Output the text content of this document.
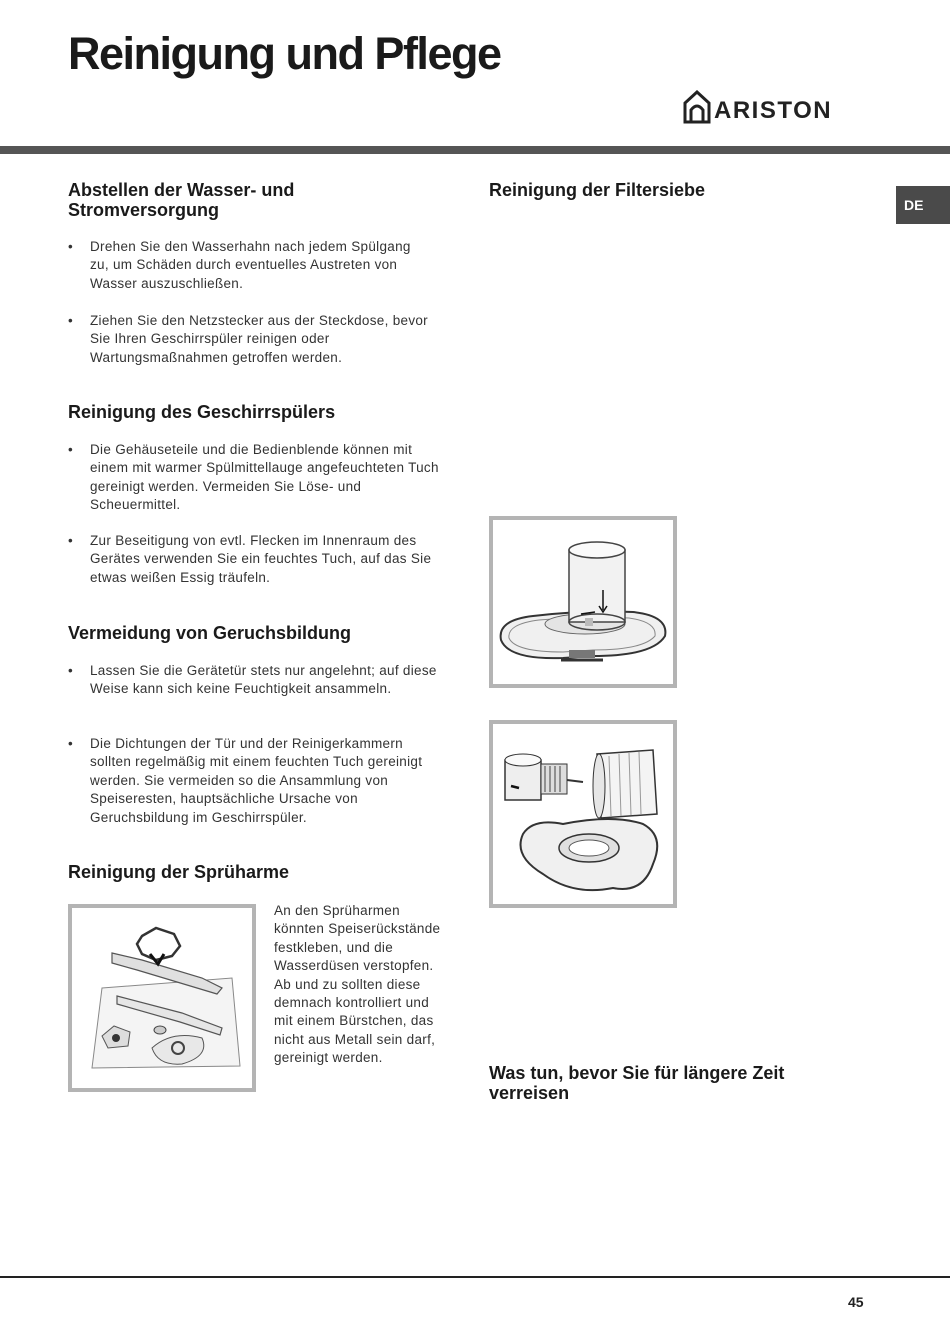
Reinigung und Pflege
ARISTON
DE
Abstellen der Wasser- und Stromversorgung

• Drehen Sie den Wasserhahn nach jedem Spülgang zu, um Schäden durch eventuelles Austreten von Wasser auszuschließen.

• Ziehen Sie den Netzstecker aus der Steckdose, bevor Sie Ihren Geschirrspüler reinigen oder Wartungsmaßnahmen getroffen werden.

Reinigung des Geschirrspülers

• Die Gehäuseteile und die Bedienblende können mit einem mit warmer Spülmittellauge angefeuchteten Tuch gereinigt werden. Vermeiden Sie Löse- und Scheuermittel.

• Zur Beseitigung von evtl. Flecken im Innenraum des Gerätes verwenden Sie ein feuchtes Tuch, auf das Sie etwas weißen Essig träufeln.

Vermeidung von Geruchsbildung

• Lassen Sie die Gerätetür stets nur angelehnt; auf diese Weise kann sich keine Feuchtigkeit ansammeln.

• Die Dichtungen der Tür und der Reinigerkammern sollten regelmäßig mit einem feuchten Tuch gereinigt werden. Sie vermeiden so die Ansammlung von Speiseresten, hauptsächliche Ursache von Geruchsbildung im Geschirrspüler.

Reinigung der Sprüharme

An den Sprüharmen könnten Speiserückstände festkleben, und die Wasserdüsen verstopfen. Ab und zu sollten diese demnach kontrolliert und mit einem Bürstchen, das nicht aus Metall sein darf, gereinigt werden.

Reinigung der Filtersiebe
Was tun, bevor Sie für längere Zeit verreisen
45
